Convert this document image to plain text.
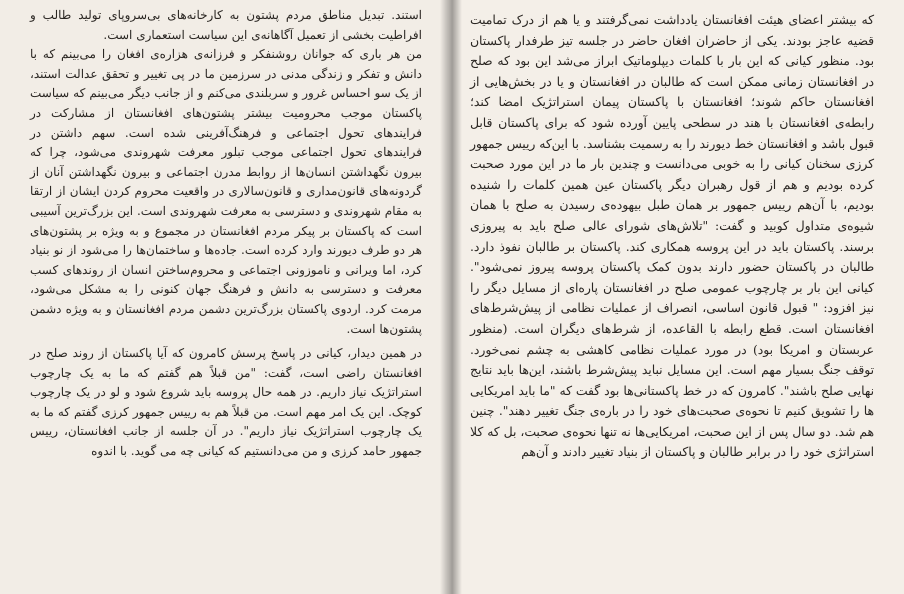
استند. تبدیل مناطق مردم پشتون به کارخانه‌های بی‌سروپای تولید طالب و افراطیت بخشی از تعمیل آگاهانه‌ی این سیاست استعماری است.

من هر باری که جوانان روشنفکر و فرزانه‌ی هزاره‌ی افغان را می‌بینم که با دانش و تفکر و زندگی مدنی در سرزمین ما در پی تغییر و تحقق عدالت استند، از یک سو احساس غرور و سربلندی می‌کنم و از جانب دیگر می‌بینم که سیاست پاکستان موجب محرومیت بیشتر پشتون‌های افغانستان از مشارکت در فرایندهای تحول اجتماعی و فرهنگ‌آفرینی شده است. سهم داشتن در فرایندهای تحول اجتماعی موجب تبلور معرفت شهروندی می‌شود، چرا که بیرون نگهداشتن انسان‌ها از روابط مدرن اجتماعی و بیرون نگهداشتن آنان از گردونه‌های قانون‌مداری و قانون‌سالاری در واقعیت محروم کردن ایشان از ارتقا به مقام شهروندی و دسترسی به معرفت شهروندی است. این بزرگ‌ترین آسیبی است که پاکستان بر پیکر مردم افغانستان در مجموع و به ویژه بر پشتون‌های هر دو طرف دیورند وارد کرده است. جاده‌ها و ساختمان‌ها را می‌شود از نو بنیاد کرد، اما ویرانی و ناموزونی اجتماعی و محروم‌ساختن انسان از روندهای کسب معرفت و دسترسی به دانش و فرهنگ جهان کنونی را به مشکل می‌شود، مرمت کرد. اردوی پاکستان بزرگ‌ترین دشمن مردم افغانستان و به ویژه دشمن پشتون‌ها است.

در همین دیدار، کیانی در پاسخ پرسش کامرون که آیا پاکستان از روند صلح در افغانستان راضی است، گفت: "من قبلاً هم گفتم که ما به یک چارچوب استراتژیک نیاز داریم. در همه حال پروسه باید شروع شود و لو در یک چارچوب کوچک. این یک امر مهم است. من قبلاً هم به رییس جمهور کرزی گفتم که ما به یک چارچوب استراتژیک نیاز داریم". در آن جلسه از جانب افغانستان، رییس جمهور حامد کرزی و من می‌دانستیم که کیانی چه می‌ گوید. با اندوه

که بیشتر اعضای هیئت افغانستان یادداشت نمی‌گرفتند و یا هم از درک تمامیت قضیه عاجز بودند. یکی از حاضران افغان حاضر در جلسه تیز طرفدار پاکستان بود. منظور کیانی که این بار با کلمات دیپلوماتیک ابراز می‌شد این بود که صلح در افغانستان زمانی ممکن است که طالبان در افغانستان و یا در بخش‌هایی از افغانستان حاکم شوند؛ افغانستان با پاکستان پیمان استراتژیک امضا کند؛ رابطه‌ی افغانستان با هند در سطحی پایین آورده شود که برای پاکستان قابل قبول باشد و افغانستان خط دیورند را به رسمیت بشناسد. با این‌که رییس جمهور کرزی سخنان کیانی را به خوبی می‌دانست و چندین بار ما در این مورد صحبت کرده بودیم و هم از قول رهبران دیگر پاکستان عین همین کلمات را شنیده بودیم، با آن‌هم رییس جمهور بر همان طبل بیهوده‌ی رسیدن به صلح با همان شیوه‌ی متداول کوبید و گفت: "تلاش‌های شورای عالی صلح باید به پیروزی برسند. پاکستان باید در این پروسه همکاری کند. پاکستان بر طالبان نفوذ دارد. طالبان در پاکستان حضور دارند بدون کمک پاکستان پروسه پیروز نمی‌شود". کیانی این بار بر چارچوب عمومی صلح در افغانستان پاره‌ای از مسایل دیگر را نیز افزود: " قبول قانون اساسی، انصراف از عملیات نظامی از پیش‌شرط‌های افغانستان است. قطع رابطه با القاعده، از شرط‌های دیگران است. (منظور عربستان و امریکا بود) در مورد عملیات نظامی کاهشی به چشم نمی‌خورد. توقف جنگ بسیار مهم است. این مسایل نباید پیش‌شرط باشند، این‌ها باید نتایج نهایی صلح باشند". کامرون که در خط پاکستانی‌ها بود گفت که "ما باید امریکایی ها را تشویق کنیم تا نحوه‌ی صحبت‌های خود را در باره‌ی جنگ تغییر دهند". چنین هم شد. دو سال پس از این صحبت، امریکایی‌ها نه تنها نحوه‌ی صحبت، بل که کلا استراتژی خود را در برابر طالبان و پاکستان از بنیاد تغییر دادند و آن‌هم
